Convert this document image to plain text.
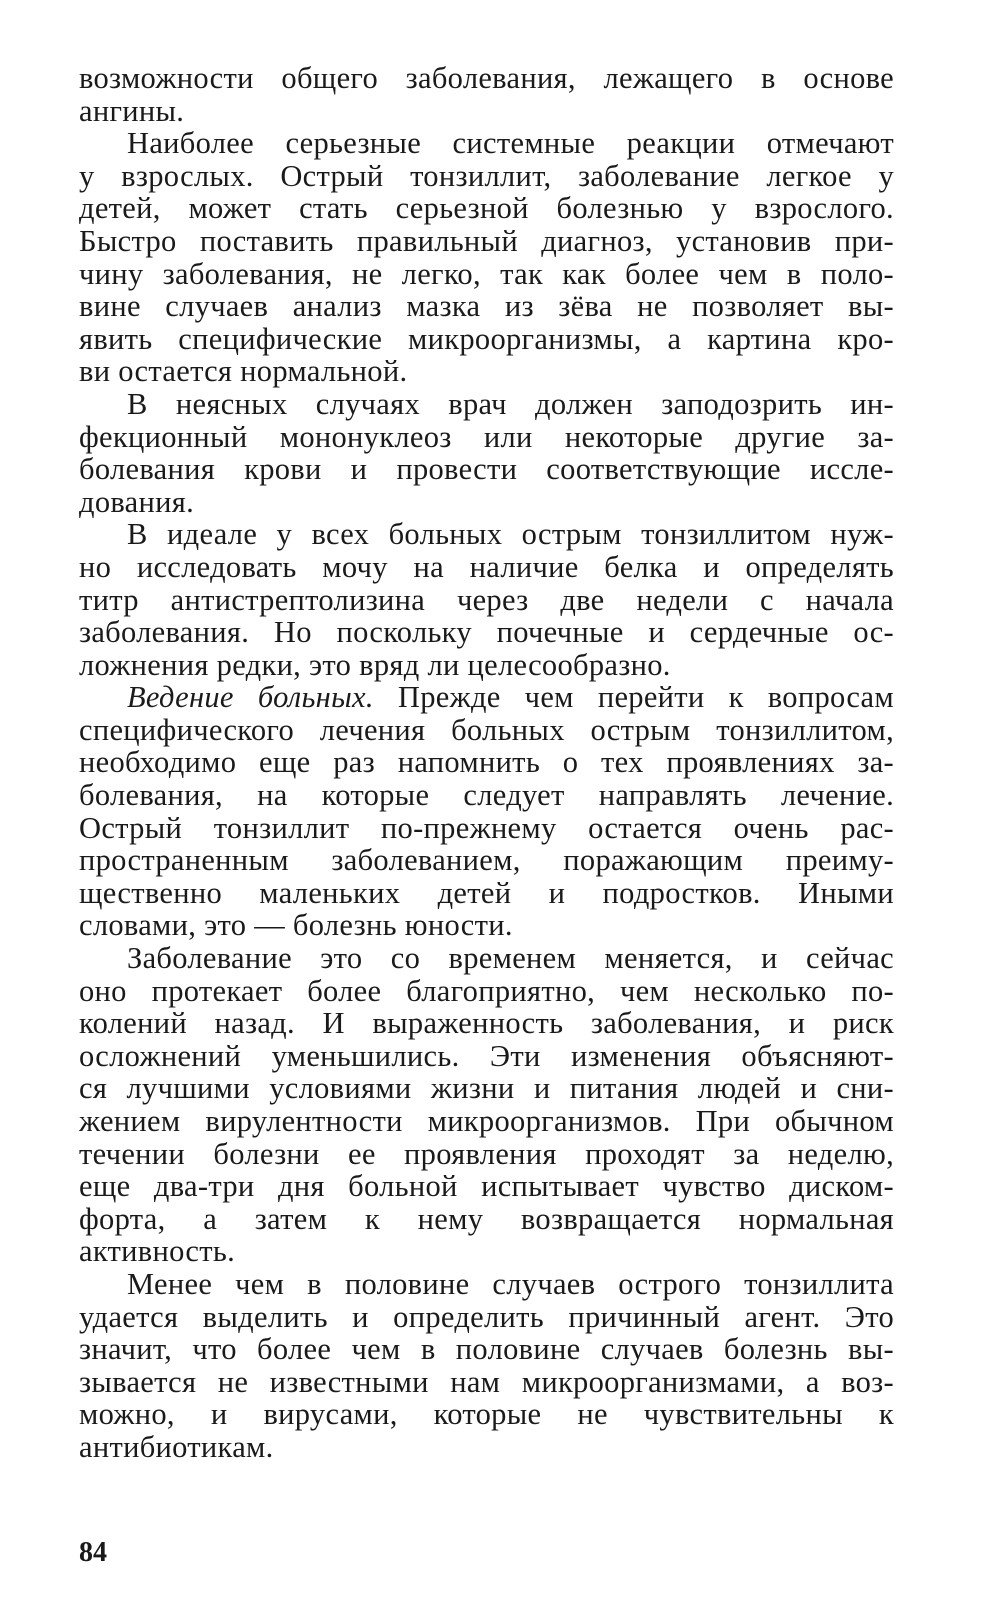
возможности общего заболевания, лежащего в основе
ангины.
Наиболее серьезные системные реакции отмечают
у взрослых. Острый тонзиллит, заболевание легкое у
детей, может стать серьезной болезнью у взрослого.
Быстро поставить правильный диагноз, установив при-
чину заболевания, не легко, так как более чем в поло-
вине случаев анализ мазка из зёва не позволяет вы-
явить специфические микроорганизмы, а картина кро-
ви остается нормальной.
В неясных случаях врач должен заподозрить ин-
фекционный мононуклеоз или некоторые другие за-
болевания крови и провести соответствующие иссле-
дования.
В идеале у всех больных острым тонзиллитом нуж-
но исследовать мочу на наличие белка и определять
титр антистрептолизина через две недели с начала
заболевания. Но поскольку почечные и сердечные ос-
ложнения редки, это вряд ли целесообразно.
Ведение больных. Прежде чем перейти к вопросам
специфического лечения больных острым тонзиллитом,
необходимо еще раз напомнить о тех проявлениях за-
болевания, на которые следует направлять лечение.
Острый тонзиллит по-прежнему остается очень рас-
пространенным заболеванием, поражающим преиму-
щественно маленьких детей и подростков. Иными
словами, это — болезнь юности.
Заболевание это со временем меняется, и сейчас
оно протекает более благоприятно, чем несколько по-
колений назад. И выраженность заболевания, и риск
осложнений уменьшились. Эти изменения объясняют-
ся лучшими условиями жизни и питания людей и сни-
жением вирулентности микроорганизмов. При обычном
течении болезни ее проявления проходят за неделю,
еще два-три дня больной испытывает чувство диском-
форта, а затем к нему возвращается нормальная
активность.
Менее чем в половине случаев острого тонзиллита
удается выделить и определить причинный агент. Это
значит, что более чем в половине случаев болезнь вы-
зывается не известными нам микроорганизмами, а воз-
можно, и вирусами, которые не чувствительны к
антибиотикам.
84
